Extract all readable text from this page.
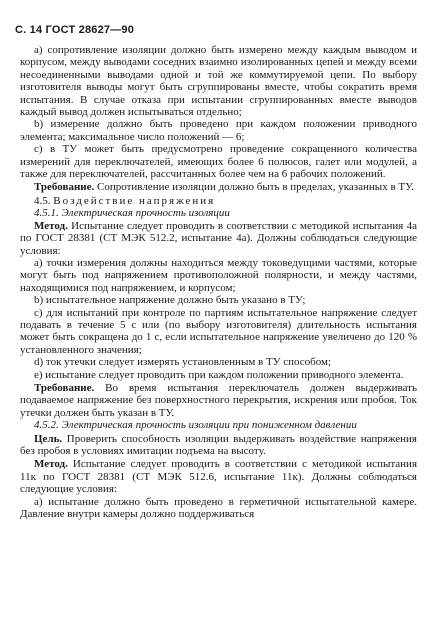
С. 14 ГОСТ 28627—90

а) сопротивление изоляции должно быть измерено между каждым выводом и корпусом, между выводами соседних взаимно изолированных цепей и между всеми несоединенными выводами одной и той же коммутируемой цепи. По выбору изготовителя выводы могут быть сгруппированы вместе, чтобы сократить время испытания. В случае отказа при испытании сгруппированных вместе выводов каждый вывод должен испытываться отдельно;

b) измерение должно быть проведено при каждом положении приводного элемента; максимальное число положений — 6;

с) в ТУ может быть предусмотрено проведение сокращенного количества измерений для переключателей, имеющих более 6 полюсов, галет или модулей, а также для переключателей, рассчитанных более чем на 6 рабочих положений.

Требование. Сопротивление изоляции должно быть в пределах, указанных в ТУ.

4.5. Воздействие напряжения

4.5.1. Электрическая прочность изоляции

Метод. Испытание следует проводить в соответствии с методикой испытания 4а по ГОСТ 28381 (СТ МЭК 512.2, испытание 4а). Должны соблюдаться следующие условия:

а) точки измерения должны находиться между токоведущими частями, которые могут быть под напряжением противоположной полярности, и между частями, находящимися под напряжением, и корпусом;

b) испытательное напряжение должно быть указано в ТУ;

с) для испытаний при контроле по партиям испытательное напряжение следует подавать в течение 5 с или (по выбору изготовителя) длительность испытания может быть сокращена до 1 с, если испытательное напряжение увеличено до 120 % установленного значения;

d) ток утечки следует измерять установленным в ТУ способом;

е) испытание следует проводить при каждом положении приводного элемента.

Требование. Во время испытания переключатель должен выдерживать подаваемое напряжение без поверхностного перекрытия, искрения или пробоя. Ток утечки должен быть указан в ТУ.

4.5.2. Электрическая прочность изоляции при пониженном давлении

Цель. Проверить способность изоляции выдерживать воздействие напряжения без пробоя в условиях имитации подъема на высоту.

Метод. Испытание следует проводить в соответствии с методикой испытания 11к по ГОСТ 28381 (СТ МЭК 512.6, испытание 11к). Должны соблюдаться следующие условия:

а) испытание должно быть проведено в герметичной испытательной камере. Давление внутри камеры должно поддерживаться
